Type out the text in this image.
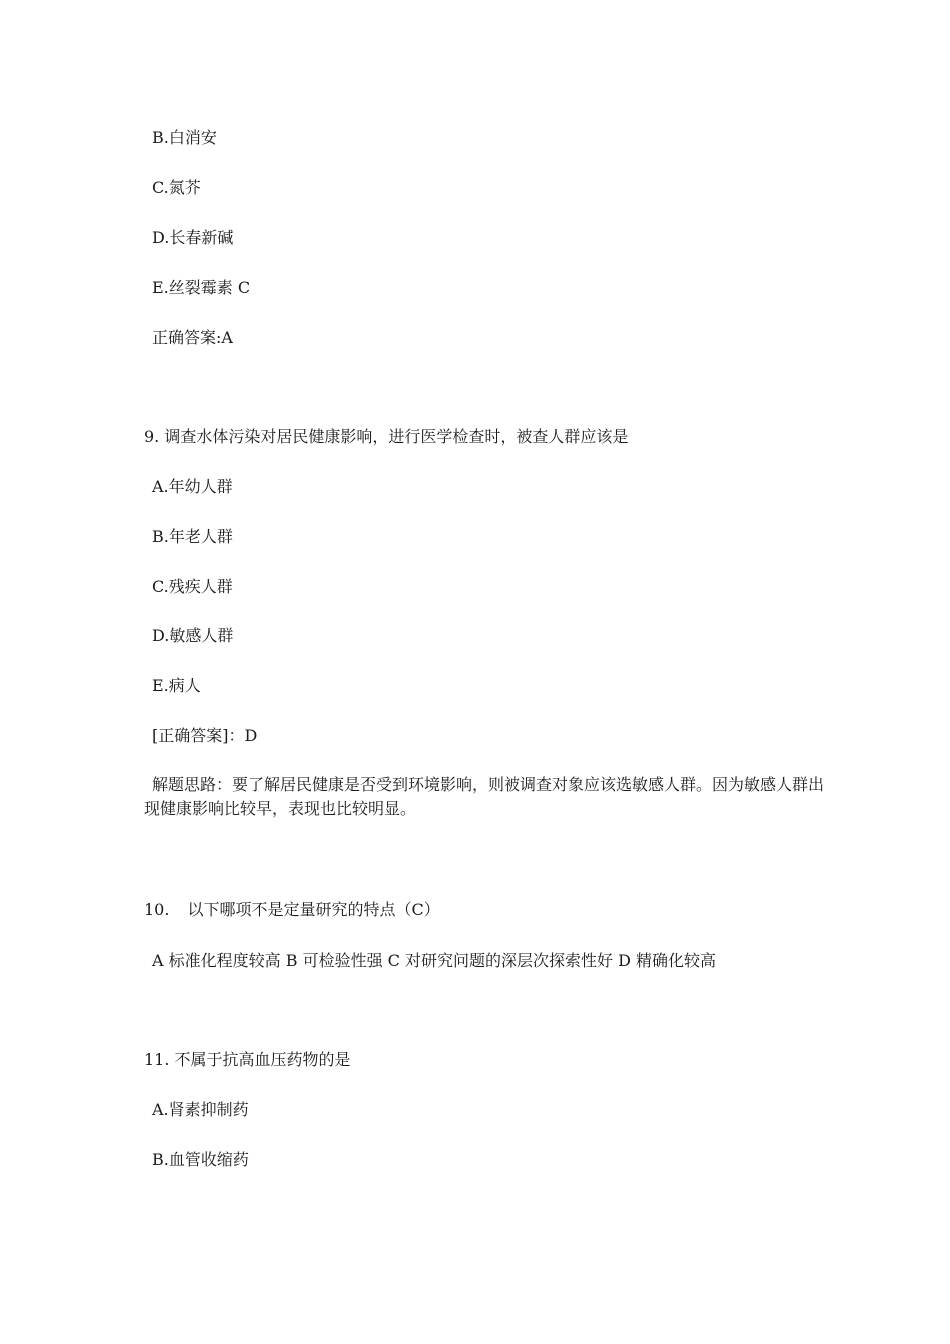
B.白消安
C.氮芥
D.长春新碱
E.丝裂霉素 C
正确答案:A
9. 调查水体污染对居民健康影响，进行医学检查时，被查人群应该是
A.年幼人群
B.年老人群
C.残疾人群
D.敏感人群
E.病人
[正确答案]：D
解题思路：要了解居民健康是否受到环境影响，则被调查对象应该选敏感人群。因为敏感人群出现健康影响比较早，表现也比较明显。
10. 以下哪项不是定量研究的特点（C）
A 标准化程度较高 B 可检验性强 C 对研究问题的深层次探索性好 D 精确化较高
11. 不属于抗高血压药物的是
A.肾素抑制药
B.血管收缩药
